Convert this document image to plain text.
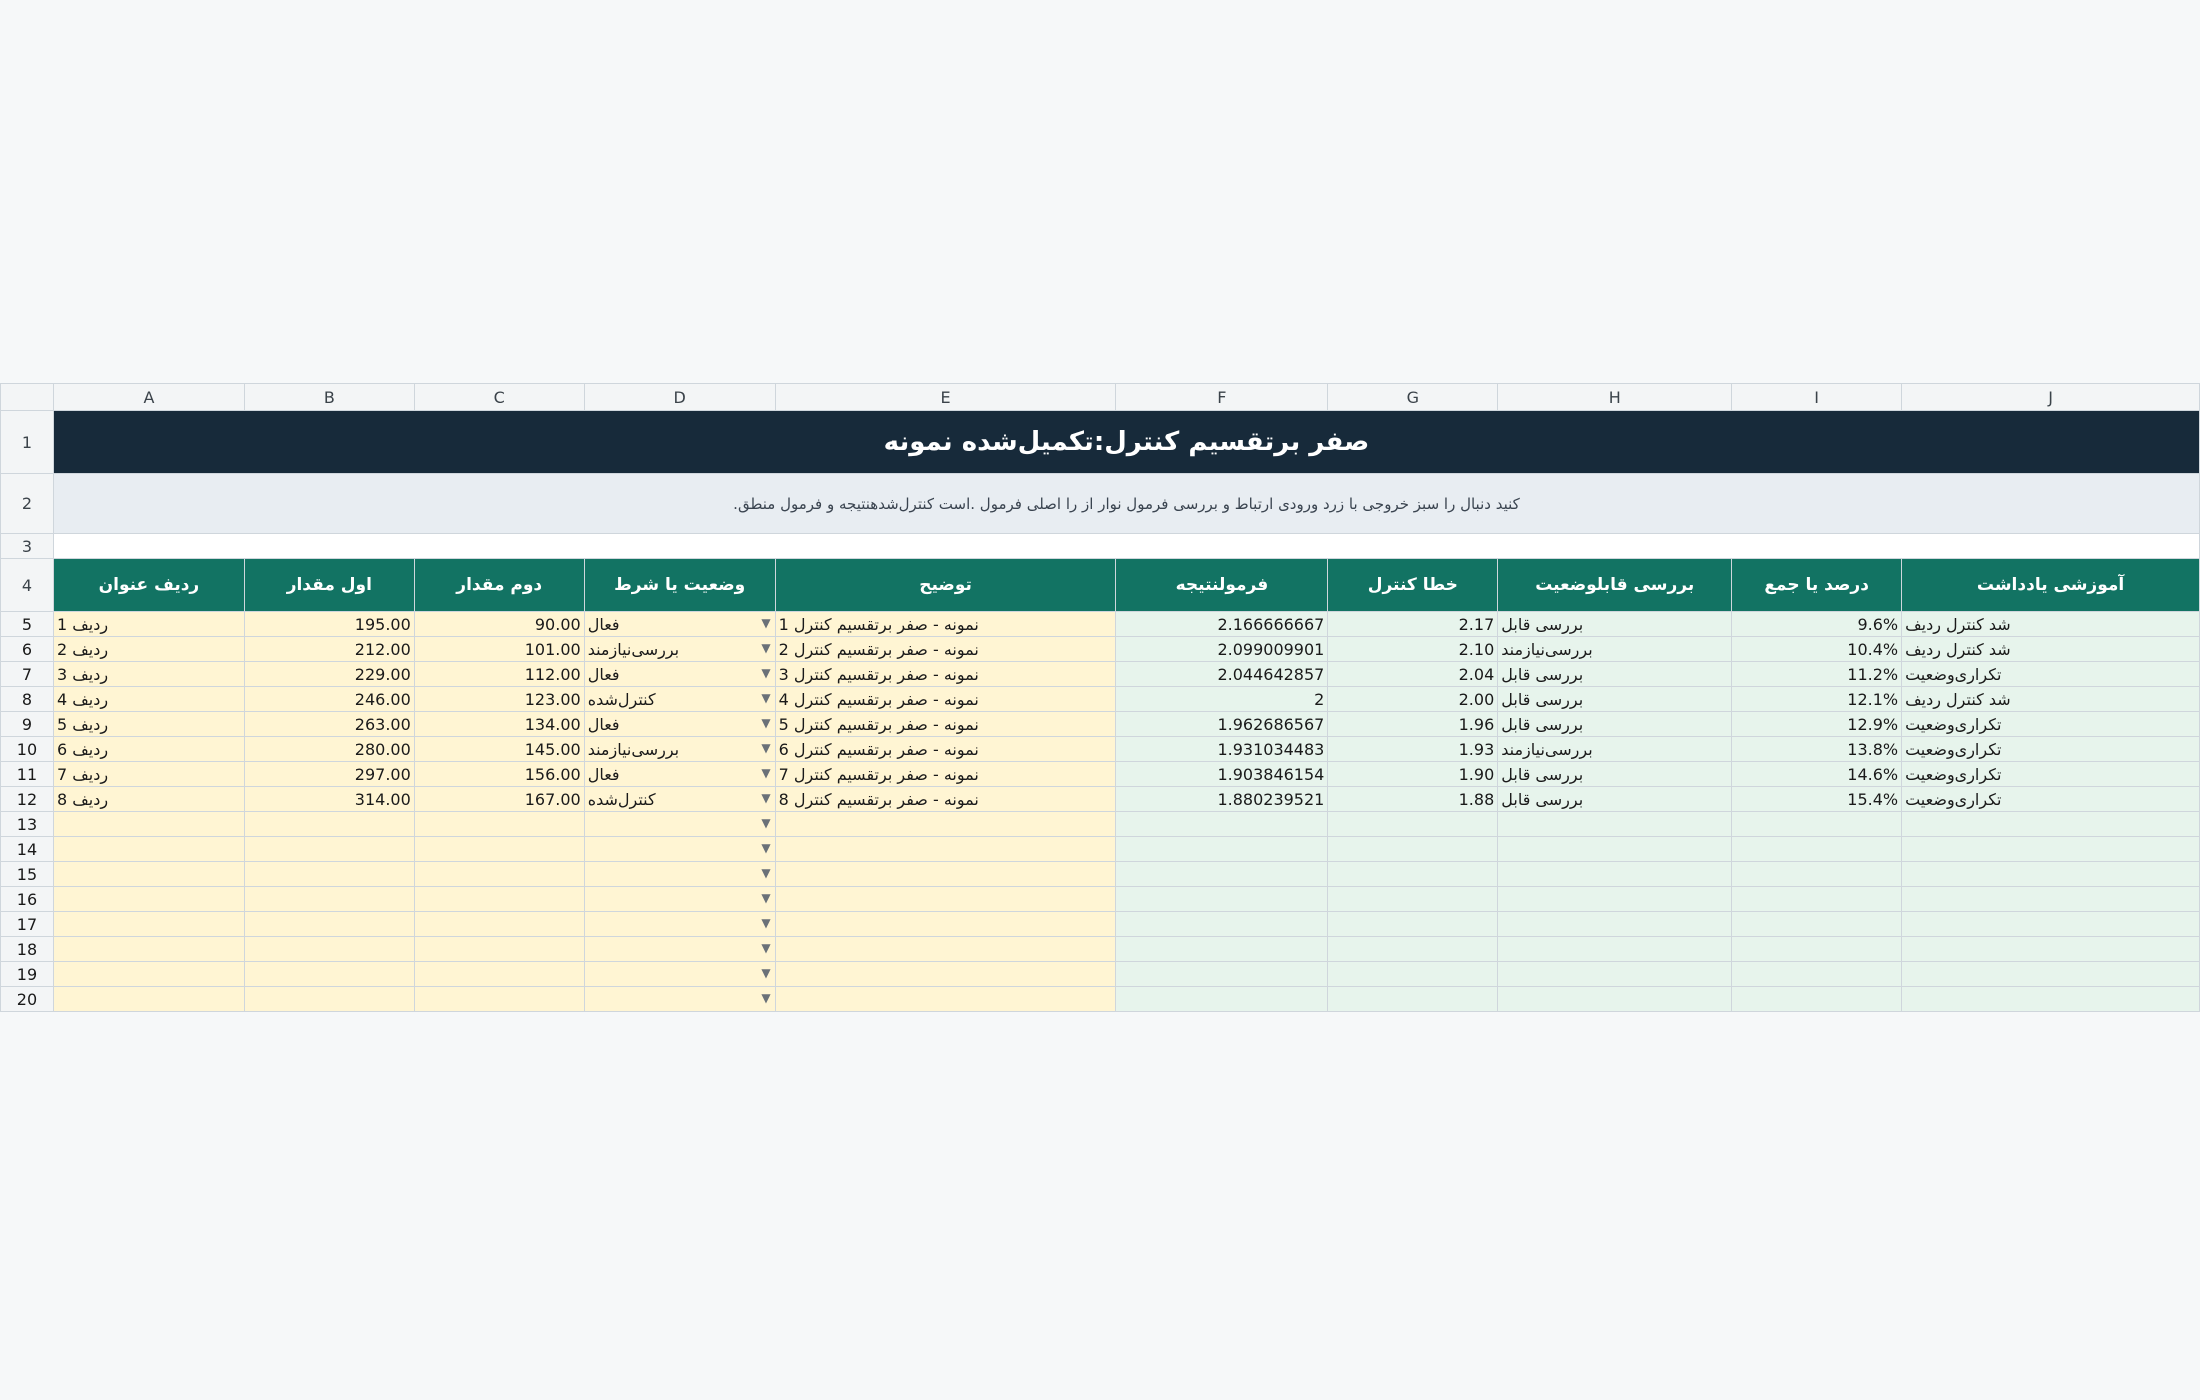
	A	B	C	D	E	F	G	H	I	J
1	صفر برتقسیم کنترل:تکمیل‌شده نمونه									
2	.کنید دنبال را سبز خروجی با زرد ورودی ارتباط و بررسی فرمول نوار از را اصلی فرمول .است کنترل‌شدهنتیجه و فرمول منطق									
3										
4	ردیف عنوان	اول مقدار	دوم مقدار	وضعیت یا شرط	توضیح	فرمولنتیجه	خطا کنترل	بررسی قابلوضعیت	درصد یا جمع	آموزشی یادداشت
5	1 ردیف	195.00	90.00	فعال ▼	1 نمونه - صفر برتقسیم کنترل	2.166666667	2.17	بررسی قابل	9.6%	شد کنترل ردیف
6	2 ردیف	212.00	101.00	بررسی‌نیازمند ▼	2 نمونه - صفر برتقسیم کنترل	2.099009901	2.10	بررسی‌نیازمند	10.4%	شد کنترل ردیف
7	3 ردیف	229.00	112.00	فعال ▼	3 نمونه - صفر برتقسیم کنترل	2.044642857	2.04	بررسی قابل	11.2%	تکراری‌وضعیت
8	4 ردیف	246.00	123.00	کنترل‌شده ▼	4 نمونه - صفر برتقسیم کنترل	2	2.00	بررسی قابل	12.1%	شد کنترل ردیف
9	5 ردیف	263.00	134.00	فعال ▼	5 نمونه - صفر برتقسیم کنترل	1.962686567	1.96	بررسی قابل	12.9%	تکراری‌وضعیت
10	6 ردیف	280.00	145.00	بررسی‌نیازمند ▼	6 نمونه - صفر برتقسیم کنترل	1.931034483	1.93	بررسی‌نیازمند	13.8%	تکراری‌وضعیت
11	7 ردیف	297.00	156.00	فعال ▼	7 نمونه - صفر برتقسیم کنترل	1.903846154	1.90	بررسی قابل	14.6%	تکراری‌وضعیت
12	8 ردیف	314.00	167.00	کنترل‌شده ▼	8 نمونه - صفر برتقسیم کنترل	1.880239521	1.88	بررسی قابل	15.4%	تکراری‌وضعیت
13				▼						

14				▼						

15				▼						

16				▼						

17				▼						

18				▼						

19				▼						

20				▼						
